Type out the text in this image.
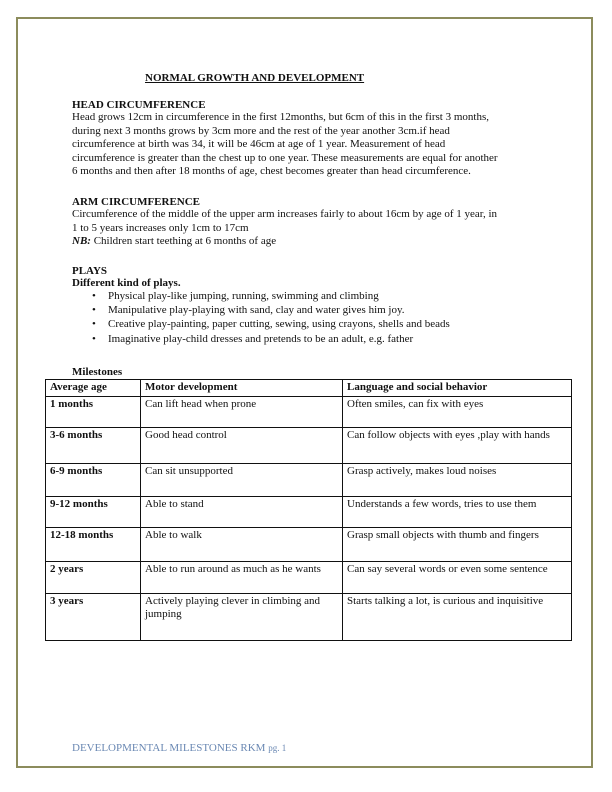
NORMAL GROWTH AND DEVELOPMENT
HEAD CIRCUMFERENCE
Head grows 12cm in circumference in the first 12months, but 6cm of this in the first 3 months,
during next 3 months grows by 3cm more and the rest of the year another 3cm.if head
circumference at birth was 34, it will be 46cm at age of 1 year. Measurement of head
circumference is greater than the chest up to one year. These measurements are equal for another
6 months and then after 18 months of age, chest becomes greater than head circumference.
ARM CIRCUMFERENCE
Circumference of the middle of the upper arm increases fairly to about 16cm by age of 1 year, in
1 to 5 years increases only 1cm to 17cm
NB: Children start teething at 6 months of age
PLAYS
Different kind of plays.
• Physical play-like jumping, running, swimming and climbing
• Manipulative play-playing with sand, clay and water gives him joy.
• Creative play-painting, paper cutting, sewing, using crayons, shells and beads
• Imaginative play-child dresses and pretends to be an adult, e.g. father
Milestones
Average age	Motor development	Language and social behavior
1 months	Can lift head when prone	Often smiles, can fix with eyes
3-6 months	Good head control	Can follow objects with eyes ,play with hands
6-9 months	Can sit unsupported	Grasp actively, makes loud noises
9-12 months	Able to stand	Understands a few words, tries to use them
12-18 months	Able to walk	Grasp small objects with thumb and fingers
2 years	Able to run around as much as he wants	Can say several words or even some sentence
3 years	Actively playing clever in climbing and jumping	Starts talking a lot, is curious and inquisitive
DEVELOPMENTAL MILESTONES RKM pg. 1
